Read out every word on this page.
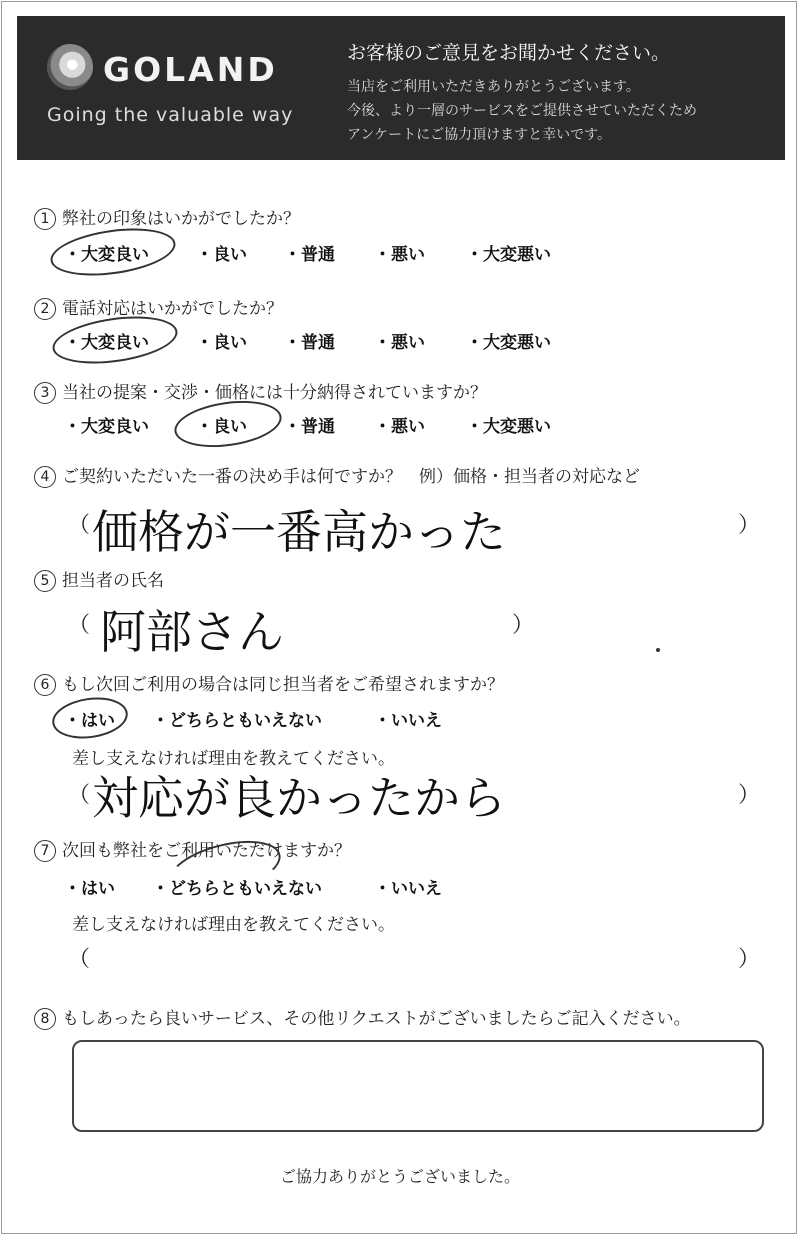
GOLAND
Going the valuable way
お客様のご意見をお聞かせください。
当店をご利用いただきありがとうございます。
今後、より一層のサービスをご提供させていただくため
アンケートにご協力頂けますと幸いです。
1 弊社の印象はいかがでしたか？
・大変良い	・良い ・普通 ・悪い ・大変悪い
2 電話対応はいかがでしたか？
・大変良い	・良い ・普通 ・悪い ・大変悪い
3 当社の提案・交渉・価格には十分納得されていますか？
・大変良い	・良い ・普通 ・悪い ・大変悪い
4 ご契約いただいた一番の決め手は何ですか？　例）価格・担当者の対応など
（ 価格が一番高かった	）
5 担当者の氏名
（ 阿部さん	）
6 もし次回ご利用の場合は同じ担当者をご希望されますか？
・はい ・どちらともいえない	・いいえ
差し支えなければ理由を教えてください。
（ 対応が良かったから	）
7 次回も弊社をご利用いただけますか？
・はい ・どちらともいえない	・いいえ
差し支えなければ理由を教えてください。
（	）
8 もしあったら良いサービス、その他リクエストがございましたらご記入ください。
ご協力ありがとうございました。
